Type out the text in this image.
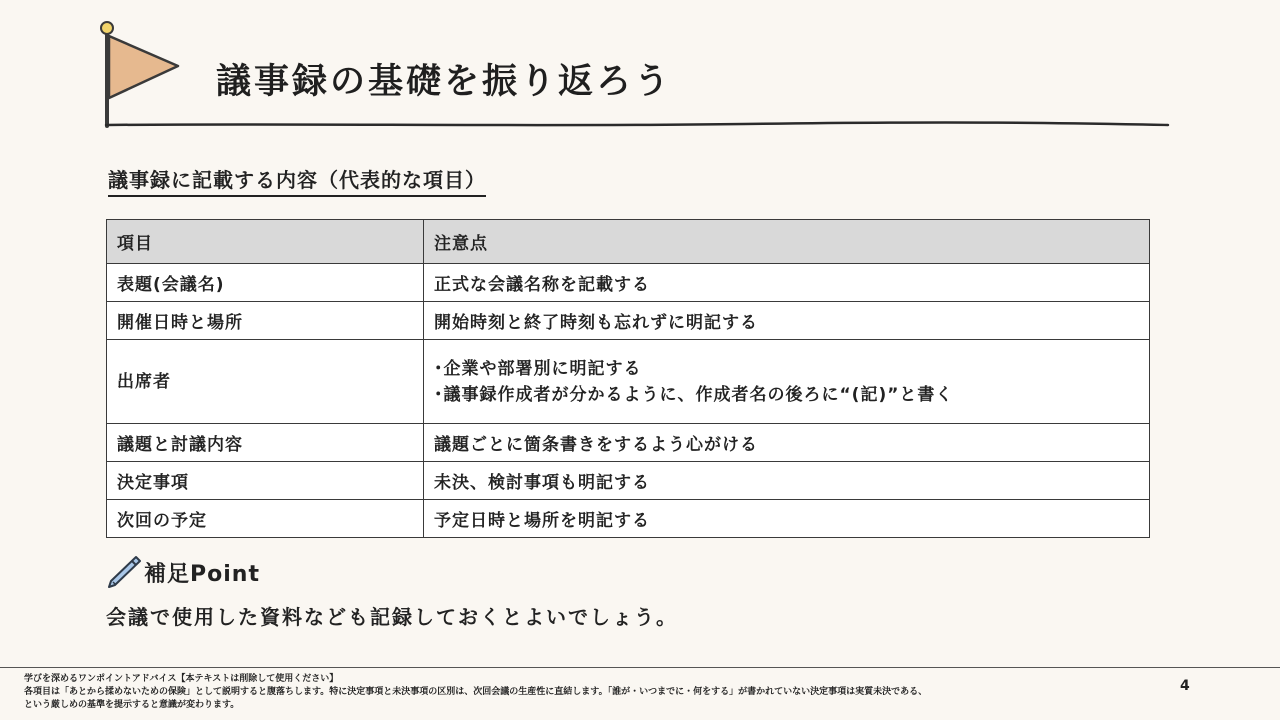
議事録の基礎を振り返ろう
議事録に記載する内容（代表的な項目）
項目	注意点
表題(会議名)	正式な会議名称を記載する
開催日時と場所	開始時刻と終了時刻も忘れずに明記する
出席者	･企業や部署別に明記する
･議事録作成者が分かるように、作成者名の後ろに“(記)”と書く

議題と討議内容	議題ごとに箇条書きをするよう心がける
決定事項	未決、検討事項も明記する
次回の予定	予定日時と場所を明記する
補足Point
会議で使用した資料なども記録しておくとよいでしょう。
学びを深めるワンポイントアドバイス【本テキストは削除して使用ください】
各項目は「あとから揉めないための保険」として説明すると腹落ちします。特に決定事項と未決事項の区別は、次回会議の生産性に直結します。「誰が・いつまでに・何をする」が書かれていない決定事項は実質未決である、
という厳しめの基準を提示すると意識が変わります。
4
